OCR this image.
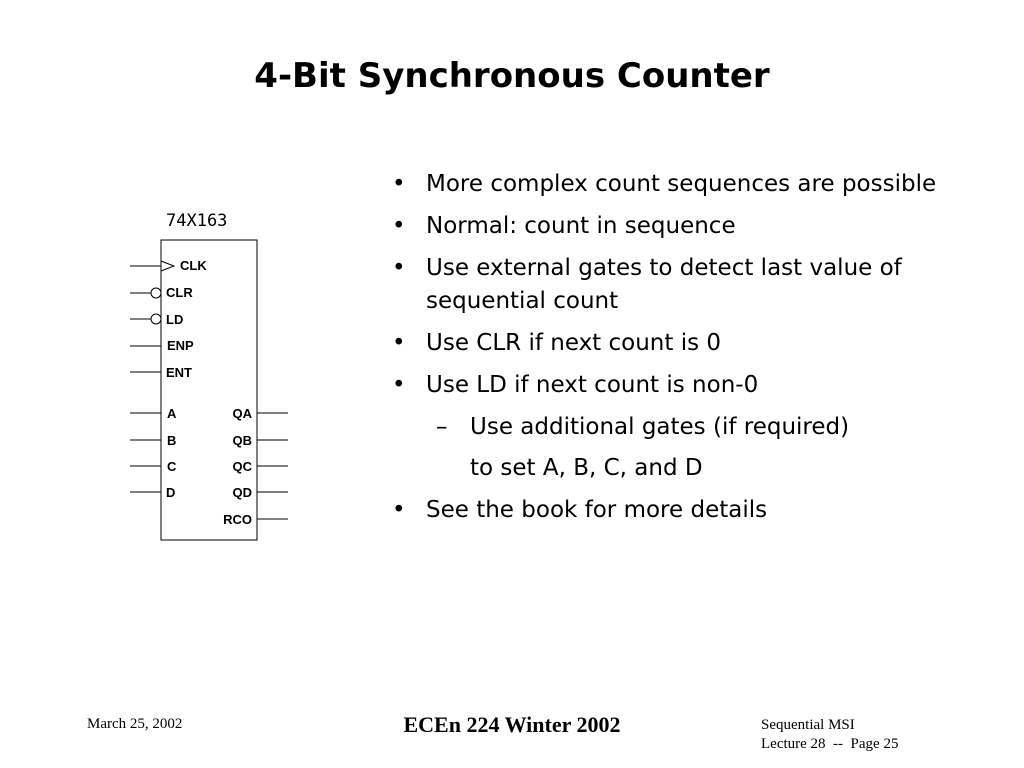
4-Bit Synchronous Counter
74X163
CLK
CLR
LD
ENP
ENT
A	QA
B	QB
C	QC
D	QD
RCO
• More complex count sequences are possible
• Normal: count in sequence
• Use external gates to detect last value of sequential count
• Use CLR if next count is 0
• Use LD if next count is non-0
– Use additional gates (if required)
to set A, B, C, and D
• See the book for more details
March 25, 2002	ECEn 224 Winter 2002	Sequential MSI
Lecture 28  --  Page 25
